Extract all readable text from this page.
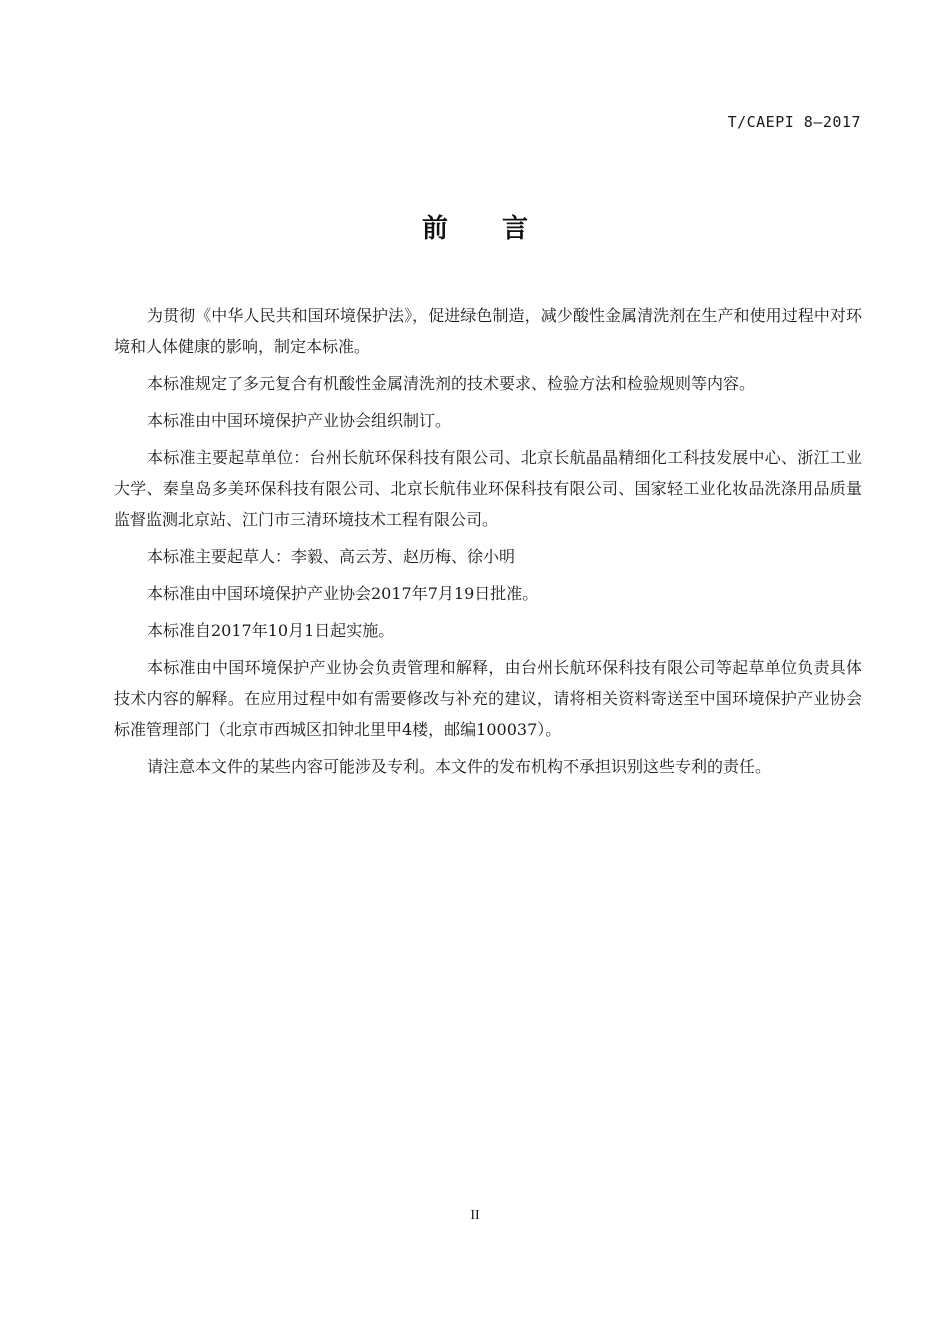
T/CAEPI 8—2017
前言

为贯彻《中华人民共和国环境保护法》，促进绿色制造，减少酸性金属清洗剂在生产和使用过程中对环境和人体健康的影响，制定本标准。

本标准规定了多元复合有机酸性金属清洗剂的技术要求、检验方法和检验规则等内容。

本标准由中国环境保护产业协会组织制订。

本标准主要起草单位：台州长航环保科技有限公司、北京长航晶晶精细化工科技发展中心、浙江工业大学、秦皇岛多美环保科技有限公司、北京长航伟业环保科技有限公司、国家轻工业化妆品洗涤用品质量监督监测北京站、江门市三清环境技术工程有限公司。

本标准主要起草人：李毅、高云芳、赵历梅、徐小明

本标准由中国环境保护产业协会2017年7月19日批准。

本标准自2017年10月1日起实施。

本标准由中国环境保护产业协会负责管理和解释，由台州长航环保科技有限公司等起草单位负责具体技术内容的解释。在应用过程中如有需要修改与补充的建议，请将相关资料寄送至中国环境保护产业协会标准管理部门（北京市西城区扣钟北里甲4楼，邮编100037）。

请注意本文件的某些内容可能涉及专利。本文件的发布机构不承担识别这些专利的责任。

II
